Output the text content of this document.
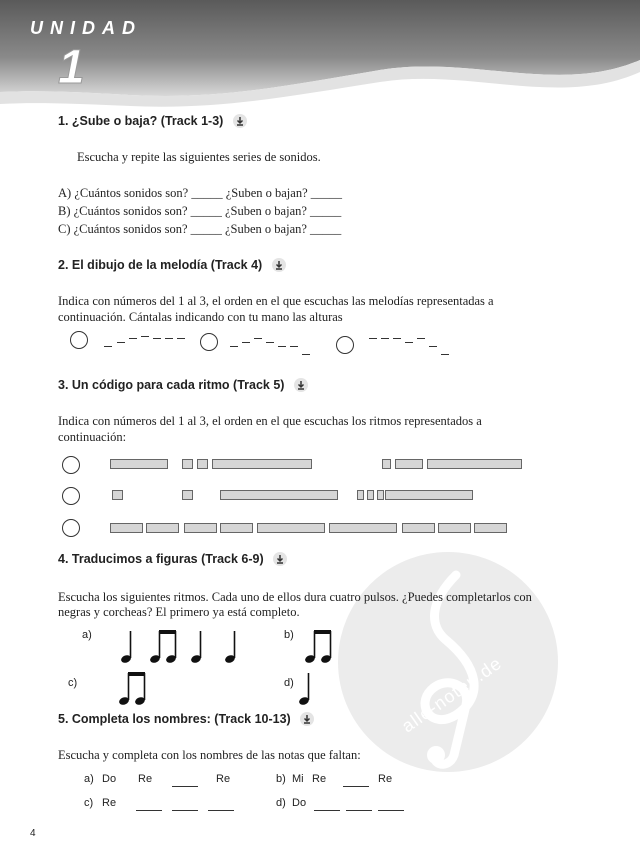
UNIDAD
1
1. ¿Sube o baja? (Track 1-3)
Escucha y repite las siguientes series de sonidos.
A) ¿Cuántos sonidos son? _____ ¿Suben o bajan? _____
B) ¿Cuántos sonidos son? _____ ¿Suben o bajan? _____
C) ¿Cuántos sonidos son? _____ ¿Suben o bajan? _____
2. El dibujo de la melodía (Track 4)
Indica con números del 1 al 3, el orden en el que escuchas las melodías representadas a
continuación. Cántalas indicando con tu mano las alturas
3. Un código para cada ritmo (Track 5)
Indica con números del 1 al 3, el orden en el que escuchas los ritmos representados a
continuación:
alle-noten.de
4. Traducimos a figuras (Track 6-9)
Escucha los siguientes ritmos. Cada uno de ellos dura cuatro pulsos. ¿Puedes completarlos con
negras y corcheas? El primero ya está completo.
a)	b)
c)	d)
5. Completa los nombres: (Track 10-13)
Escucha y completa con los nombres de las notas que faltan:
a) Do Re	Re	b) Mi Re	Re
c) Re	d) Do
4
